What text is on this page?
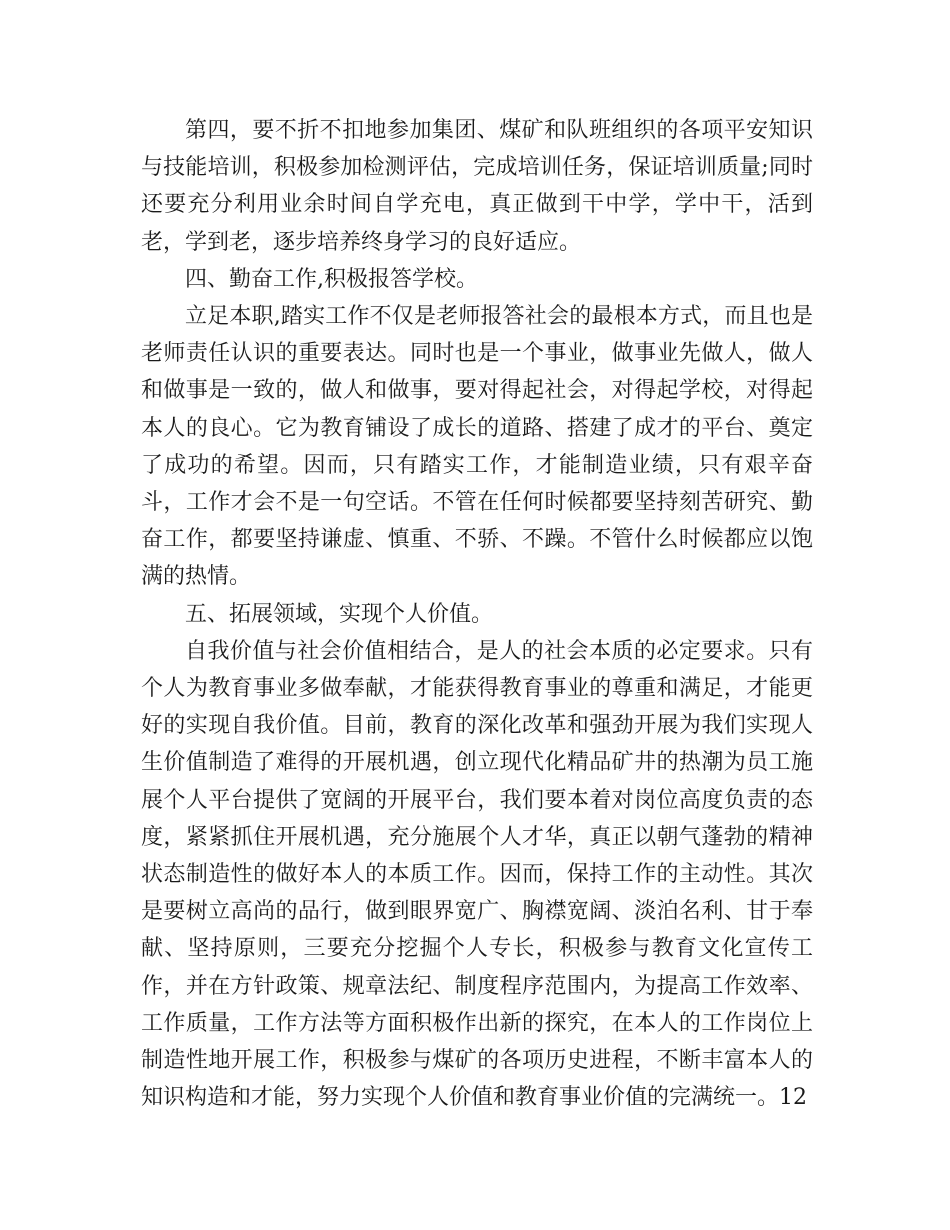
第四，要不折不扣地参加集团、煤矿和队班组织的各项平安知识与技能培训，积极参加检测评估，完成培训任务，保证培训质量;同时还要充分利用业余时间自学充电，真正做到干中学，学中干，活到老，学到老，逐步培养终身学习的良好适应。

四、勤奋工作,积极报答学校。

立足本职,踏实工作不仅是老师报答社会的最根本方式，而且也是老师责任认识的重要表达。同时也是一个事业，做事业先做人，做人和做事是一致的，做人和做事，要对得起社会，对得起学校，对得起本人的良心。它为教育铺设了成长的道路、搭建了成才的平台、奠定了成功的希望。因而，只有踏实工作，才能制造业绩，只有艰辛奋斗，工作才会不是一句空话。不管在任何时候都要坚持刻苦研究、勤奋工作，都要坚持谦虚、慎重、不骄、不躁。不管什么时候都应以饱满的热情。

五、拓展领域，实现个人价值。

自我价值与社会价值相结合，是人的社会本质的必定要求。只有个人为教育事业多做奉献，才能获得教育事业的尊重和满足，才能更好的实现自我价值。目前，教育的深化改革和强劲开展为我们实现人生价值制造了难得的开展机遇，创立现代化精品矿井的热潮为员工施展个人平台提供了宽阔的开展平台，我们要本着对岗位高度负责的态度，紧紧抓住开展机遇，充分施展个人才华，真正以朝气蓬勃的精神状态制造性的做好本人的本质工作。因而，保持工作的主动性。其次是要树立高尚的品行，做到眼界宽广、胸襟宽阔、淡泊名利、甘于奉献、坚持原则，三要充分挖掘个人专长，积极参与教育文化宣传工作，并在方针政策、规章法纪、制度程序范围内，为提高工作效率、工作质量，工作方法等方面积极作出新的探究，在本人的工作岗位上制造性地开展工作，积极参与煤矿的各项历史进程，不断丰富本人的知识构造和才能，努力实现个人价值和教育事业价值的完满统一。12
